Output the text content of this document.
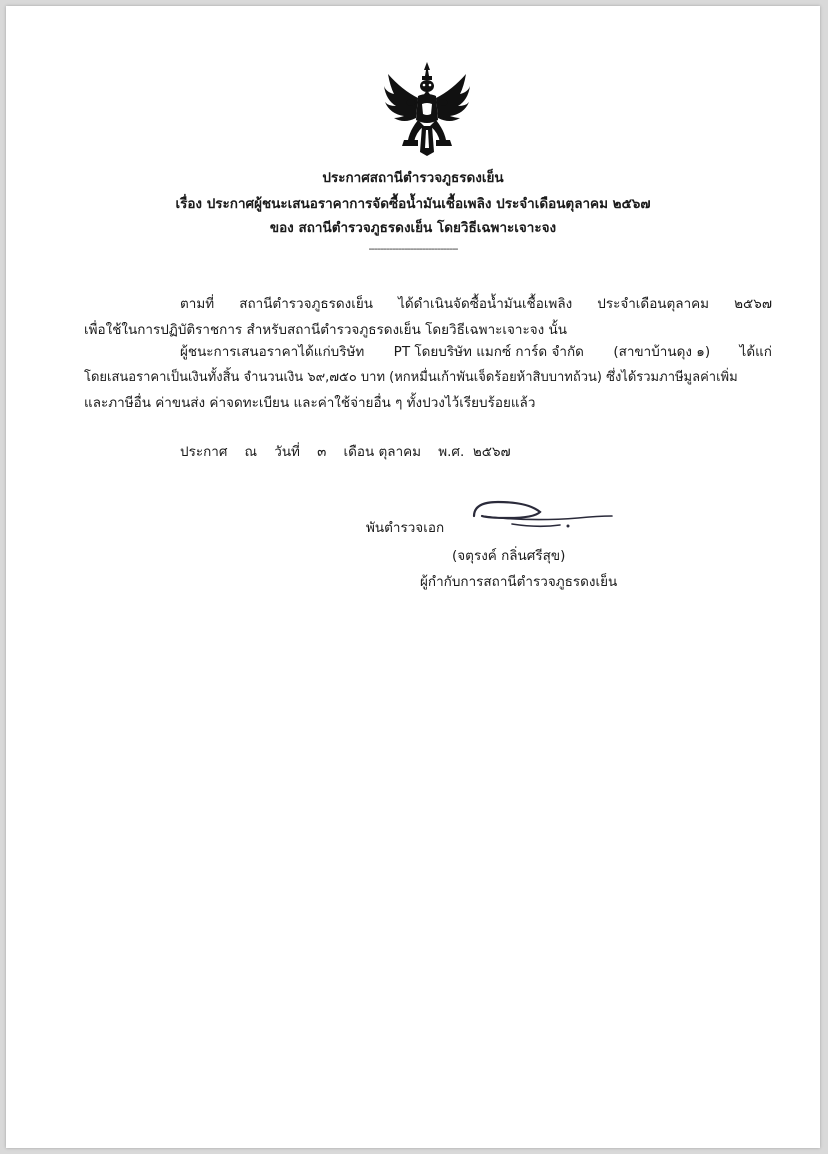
ประกาศสถานีตำรวจภูธรดงเย็น
เรื่อง ประกาศผู้ชนะเสนอราคาการจัดซื้อน้ำมันเชื้อเพลิง ประจำเดือนตุลาคม ๒๕๖๗
ของ สถานีตำรวจภูธรดงเย็น โดยวิธีเฉพาะเจาะจง
------------------------------
ตามที่ สถานีตำรวจภูธรดงเย็น ได้ดำเนินจัดซื้อน้ำมันเชื้อเพลิง ประจำเดือนตุลาคม ๒๕๖๗
เพื่อใช้ในการปฏิบัติราชการ สำหรับสถานีตำรวจภูธรดงเย็น โดยวิธีเฉพาะเจาะจง นั้น
ผู้ชนะการเสนอราคาได้แก่บริษัท PT โดยบริษัท แมกซ์ การ์ด จำกัด (สาขาบ้านดุง ๑) ได้แก่
โดยเสนอราคาเป็นเงินทั้งสิ้น จำนวนเงิน ๖๙,๗๕๐ บาท (หกหมื่นเก้าพันเจ็ดร้อยห้าสิบบาทถ้วน) ซึ่งได้รวมภาษีมูลค่าเพิ่ม
และภาษีอื่น ค่าขนส่ง ค่าจดทะเบียน และค่าใช้จ่ายอื่น ๆ ทั้งปวงไว้เรียบร้อยแล้ว
ประกาศ    ณ    วันที่    ๓    เดือน ตุลาคม    พ.ศ.  ๒๕๖๗
พันตำรวจเอก
(จตุรงค์ กลิ่นศรีสุข)
ผู้กำกับการสถานีตำรวจภูธรดงเย็น
